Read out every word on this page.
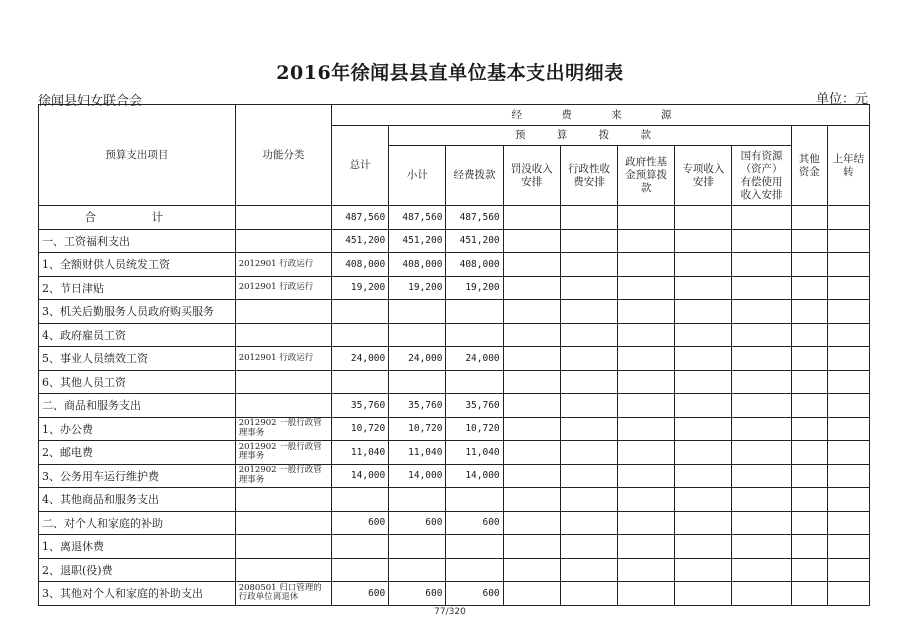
2016年徐闻县县直单位基本支出明细表
徐闻县妇女联合会	单位：元
预算支出项目	功能分类	经 费 来 源									
		总计	预 算 拨 款							其他资金	上年结转
			小计	经费拨款	罚没收入安排	行政性收费安排	政府性基金预算拨款	专项收入安排	国有资源（资产）有偿使用收入安排		
合 计		487,560	487,560	487,560							
一、工资福利支出		451,200	451,200	451,200							
1、全额财供人员统发工资	2012901 行政运行	408,000	408,000	408,000							
2、节日津贴	2012901 行政运行	19,200	19,200	19,200							
3、机关后勤服务人员政府购买服务											
4、政府雇员工资											
5、事业人员绩效工资	2012901 行政运行	24,000	24,000	24,000							
6、其他人员工资											
二、商品和服务支出		35,760	35,760	35,760							
1、办公费	2012902 一般行政管理事务	10,720	10,720	10,720							
2、邮电费	2012902 一般行政管理事务	11,040	11,040	11,040							
3、公务用车运行维护费	2012902 一般行政管理事务	14,000	14,000	14,000							
4、其他商品和服务支出											
二、对个人和家庭的补助		600	600	600							
1、离退休费											
2、退职(役)费											
3、其他对个人和家庭的补助支出	2080501 归口管理的行政单位离退休	600	600	600							
77/320
